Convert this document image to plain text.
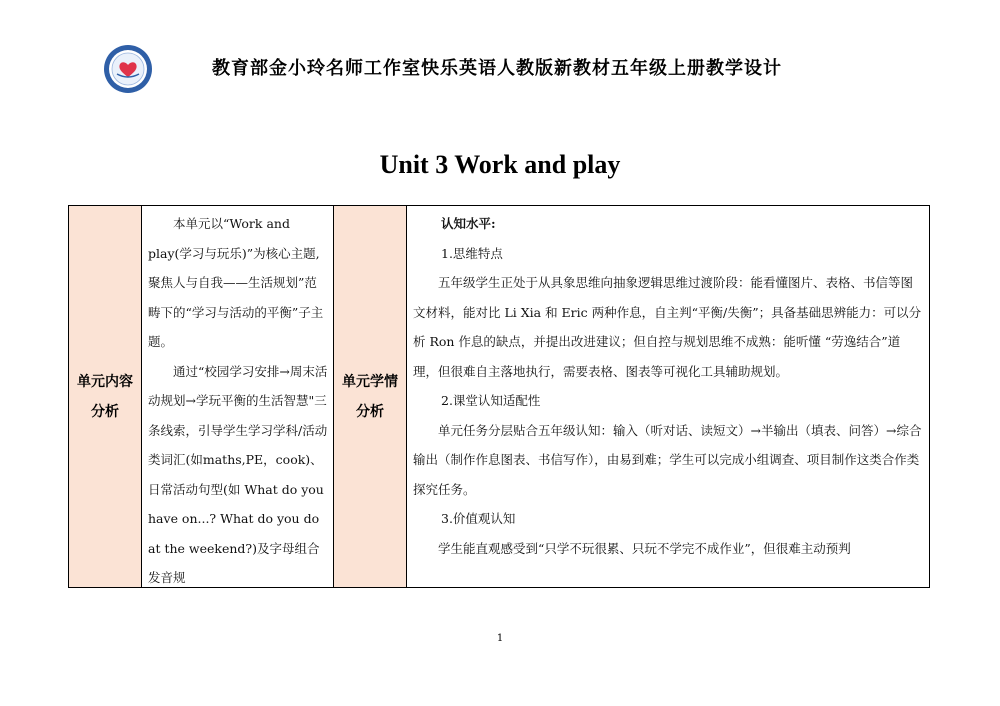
教育部金小玲名师工作室快乐英语人教版新教材五年级上册教学设计
Unit 3 Work and play
单元内容
分析

本单元以“Work and play(学习与玩乐)”为核心主题,聚焦人与自我——生活规划”范畴下的“学习与活动的平衡”子主题。

通过“校园学习安排→周末活动规划→学玩平衡的生活智慧"三条线索，引导学生学习学科/活动类词汇(如maths,PE，cook)、日常活动句型(如 What do you have on...? What do you do at the weekend?)及字母组合发音规

单元学情
分析

认知水平:

1.思维特点

五年级学生正处于从具象思维向抽象逻辑思维过渡阶段：能看懂图片、表格、书信等图文材料，能对比 Li Xia 和 Eric 两种作息，自主判“平衡/失衡”；具备基础思辨能力：可以分析 Ron 作息的缺点，并提出改进建议；但自控与规划思维不成熟：能听懂 “劳逸结合”道理，但很难自主落地执行，需要表格、图表等可视化工具辅助规划。

2.课堂认知适配性

单元任务分层贴合五年级认知：输入（听对话、读短文）→半输出（填表、问答）→综合输出（制作作息图表、书信写作），由易到难；学生可以完成小组调查、项目制作这类合作类探究任务。

3.价值观认知

学生能直观感受到“只学不玩很累、只玩不学完不成作业”，但很难主动预判

1
